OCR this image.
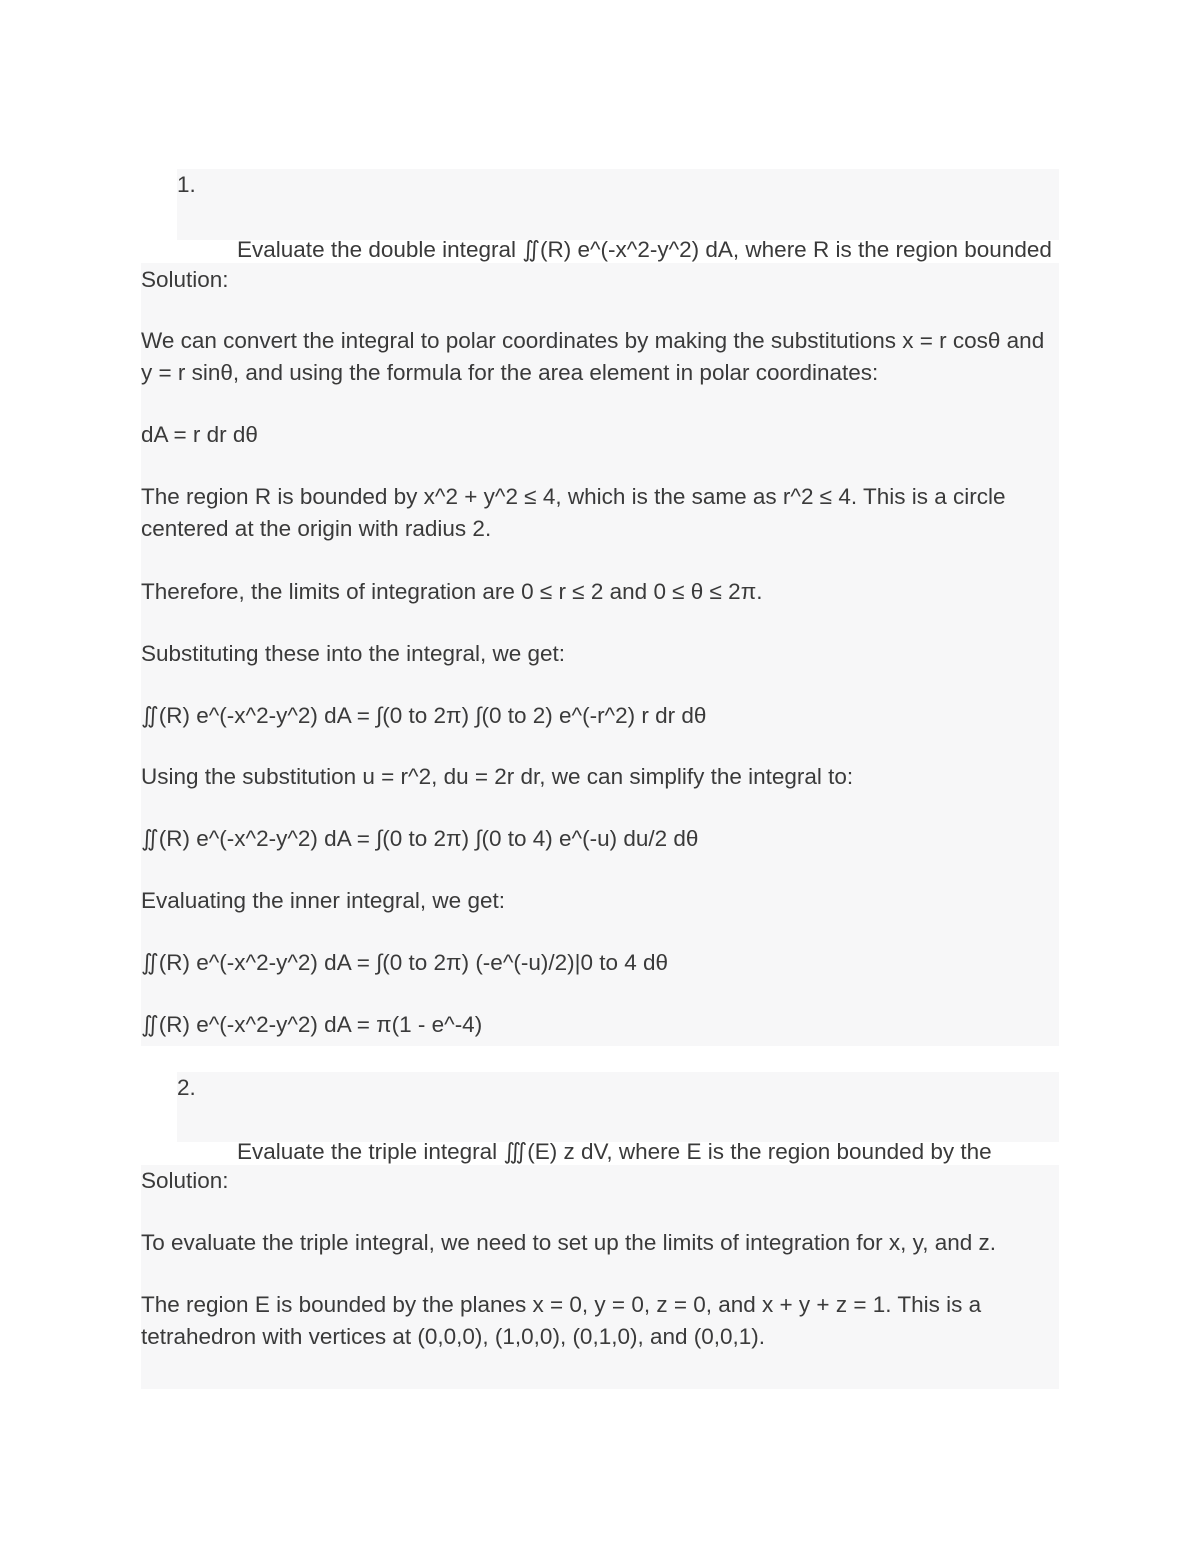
1.

Evaluate the double integral ∬(R) e^(-x^2-y^2) dA, where R is the region bounded

Solution:

We can convert the integral to polar coordinates by making the substitutions x = r cosθ and y = r sinθ, and using the formula for the area element in polar coordinates:

dA = r dr dθ

The region R is bounded by x^2 + y^2 ≤ 4, which is the same as r^2 ≤ 4. This is a circle centered at the origin with radius 2.

Therefore, the limits of integration are 0 ≤ r ≤ 2 and 0 ≤ θ ≤ 2π.

Substituting these into the integral, we get:

∬(R) e^(-x^2-y^2) dA = ∫(0 to 2π) ∫(0 to 2) e^(-r^2) r dr dθ

Using the substitution u = r^2, du = 2r dr, we can simplify the integral to:

∬(R) e^(-x^2-y^2) dA = ∫(0 to 2π) ∫(0 to 4) e^(-u) du/2 dθ

Evaluating the inner integral, we get:

∬(R) e^(-x^2-y^2) dA = ∫(0 to 2π) (-e^(-u)/2)|0 to 4 dθ

∬(R) e^(-x^2-y^2) dA = π(1 - e^-4)

2.

Evaluate the triple integral ∭(E) z dV, where E is the region bounded by the

Solution:

To evaluate the triple integral, we need to set up the limits of integration for x, y, and z.

The region E is bounded by the planes x = 0, y = 0, z = 0, and x + y + z = 1. This is a tetrahedron with vertices at (0,0,0), (1,0,0), (0,1,0), and (0,0,1).
